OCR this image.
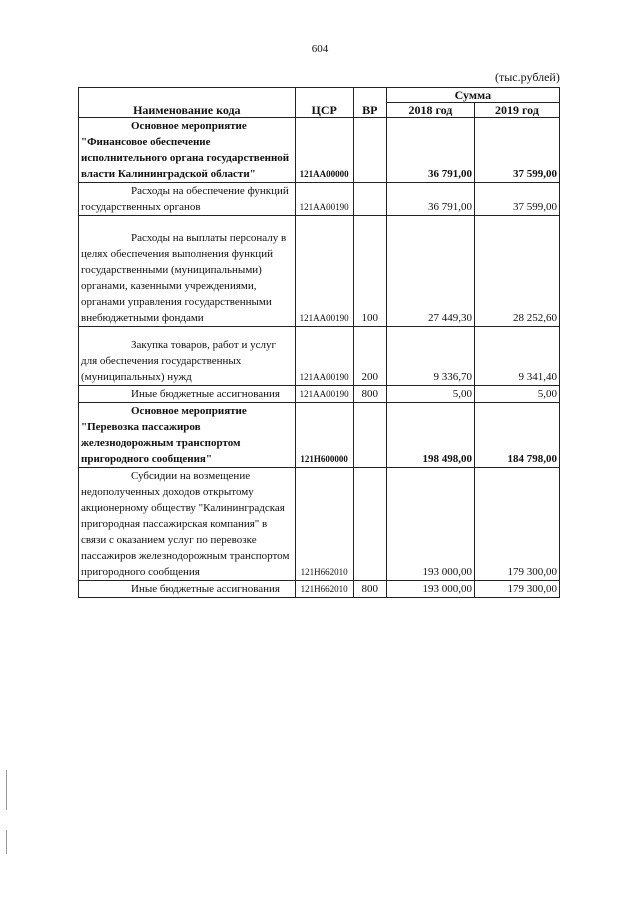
604
(тыс.рублей)
Наименование кода	ЦСР	ВР	Сумма	
			2018 год	2019 год
Основное мероприятие "Финансовое обеспечение исполнительного органа государственной власти Калининградской области"	121АА00000		36 791,00	37 599,00
Расходы на обеспечение функций государственных органов	121АА00190		36 791,00	37 599,00
Расходы на выплаты персоналу в целях обеспечения выполнения функций государственными (муниципальными) органами, казенными учреждениями, органами управления государственными внебюджетными фондами	121АА00190	100	27 449,30	28 252,60
Закупка товаров, работ и услуг для обеспечения государственных (муниципальных) нужд	121АА00190	200	9 336,70	9 341,40
Иные бюджетные ассигнования	121АА00190	800	5,00	5,00
Основное мероприятие "Перевозка пассажиров железнодорожным транспортом пригородного сообщения"	121Н600000		198 498,00	184 798,00
Субсидии на возмещение недополученных доходов открытому акционерному обществу "Калининградская пригородная пассажирская компания" в связи с оказанием услуг по перевозке пассажиров железнодорожным транспортом пригородного сообщения	121Н662010		193 000,00	179 300,00
Иные бюджетные ассигнования	121Н662010	800	193 000,00	179 300,00
